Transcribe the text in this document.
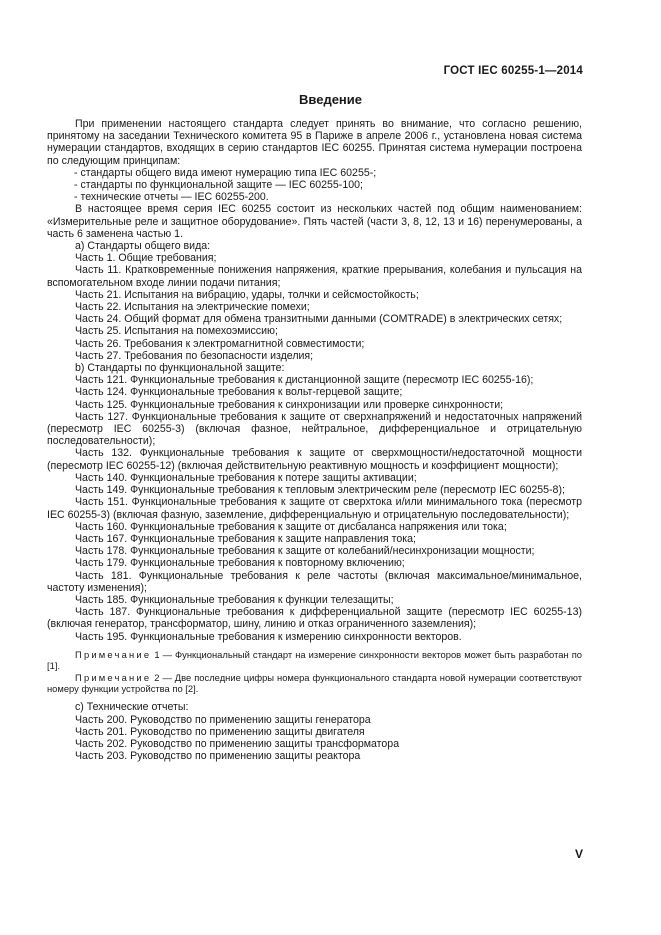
ГОСТ IEC 60255-1—2014
Введение

При применении настоящего стандарта следует принять во внимание, что согласно решению, принятому на заседании Технического комитета 95 в Париже в апреле 2006 г., установлена новая система нумерации стандартов, входящих в серию стандартов IEC 60255. Принятая система нумерации построена по следующим принципам:

- стандарты общего вида имеют нумерацию типа IEC 60255-;

- стандарты по функциональной защите — IEC 60255-100;

- технические отчеты — IEC 60255-200.

В настоящее время серия IEC 60255 состоит из нескольких частей под общим наименованием: «Измерительные реле и защитное оборудование». Пять частей (части 3, 8, 12, 13 и 16) перенумерованы, а часть 6 заменена частью 1.

а) Стандарты общего вида:

Часть 1. Общие требования;

Часть 11. Кратковременные понижения напряжения, краткие прерывания, колебания и пульсация на вспомогательном входе линии подачи питания;

Часть 21. Испытания на вибрацию, удары, толчки и сейсмостойкость;

Часть 22. Испытания на электрические помехи;

Часть 24. Общий формат для обмена транзитными данными (COMTRADE) в электрических сетях;

Часть 25. Испытания на помехоэмиссию;

Часть 26. Требования к электромагнитной совместимости;

Часть 27. Требования по безопасности изделия;

b) Стандарты по функциональной защите:

Часть 121. Функциональные требования к дистанционной защите (пересмотр IEC 60255-16);

Часть 124. Функциональные требования к вольт-герцевой защите;

Часть 125. Функциональные требования к синхронизации или проверке синхронности;

Часть 127. Функциональные требования к защите от сверхнапряжений и недостаточных напряжений (пересмотр IEC 60255-3) (включая фазное, нейтральное, дифференциальное и отрицательную последовательности);

Часть 132. Функциональные требования к защите от сверхмощности/недостаточной мощности (пересмотр IEC 60255-12) (включая действительную реактивную мощность и коэффициент мощности);

Часть 140. Функциональные требования к потере защиты активации;

Часть 149. Функциональные требования к тепловым электрическим реле (пересмотр IEC 60255-8);

Часть 151. Функциональные требования к защите от сверхтока и/или минимального тока (пересмотр IEC 60255-3) (включая фазную, заземление, дифференциальную и отрицательную последовательности);

Часть 160. Функциональные требования к защите от дисбаланса напряжения или тока;

Часть 167. Функциональные требования к защите направления тока;

Часть 178. Функциональные требования к защите от колебаний/несинхронизации мощности;

Часть 179. Функциональные требования к повторному включению;

Часть 181. Функциональные требования к реле частоты (включая максимальное/минимальное, частоту изменения);

Часть 185. Функциональные требования к функции телезащиты;

Часть 187. Функциональные требования к дифференциальной защите (пересмотр IEC 60255-13) (включая генератор, трансформатор, шину, линию и отказ ограниченного заземления);

Часть 195. Функциональные требования к измерению синхронности векторов.

Примечание 1 — Функциональный стандарт на измерение синхронности векторов может быть разработан по [1].

Примечание 2 — Две последние цифры номера функционального стандарта новой нумерации соответствуют номеру функции устройства по [2].

с) Технические отчеты:

Часть 200. Руководство по применению защиты генератора

Часть 201. Руководство по применению защиты двигателя

Часть 202. Руководство по применению защиты трансформатора

Часть 203. Руководство по применению защиты реактора

V
